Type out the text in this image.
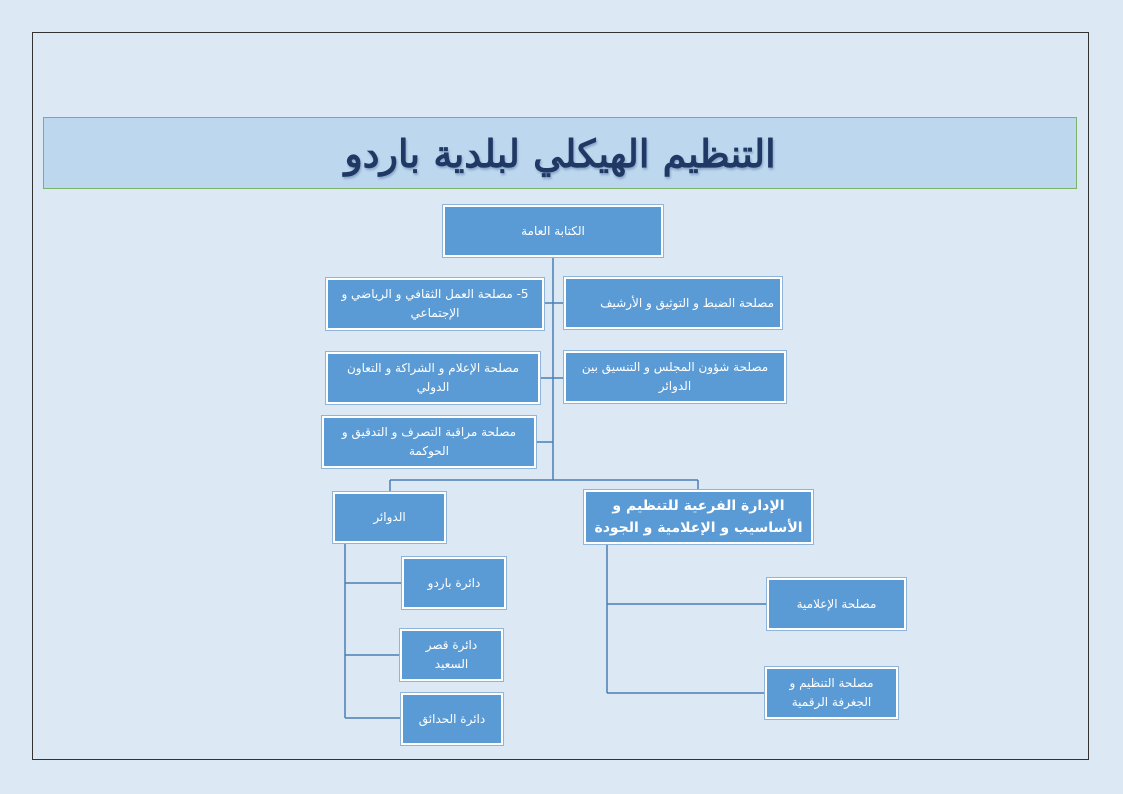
التنظيم الهيكلي لبلدية باردو
الكتابة العامة
مصلحة الضبط و التوثيق و الأرشيف
5- مصلحة العمل الثقافي و الرياضي و الإجتماعي
مصلحة شؤون المجلس و التنسيق بين الدوائر
مصلحة الإعلام و الشراكة و التعاون الدولي
مصلحة مراقبة التصرف و التدقيق و الحوكمة
الدوائر
الإدارة الفرعية للتنظيم و الأساسيب و الإعلامية و الجودة
دائرة باردو
دائرة قصر السعيد
دائرة الحدائق
مصلحة الإعلامية
مصلحة التنظيم و الجغرفة الرقمية
